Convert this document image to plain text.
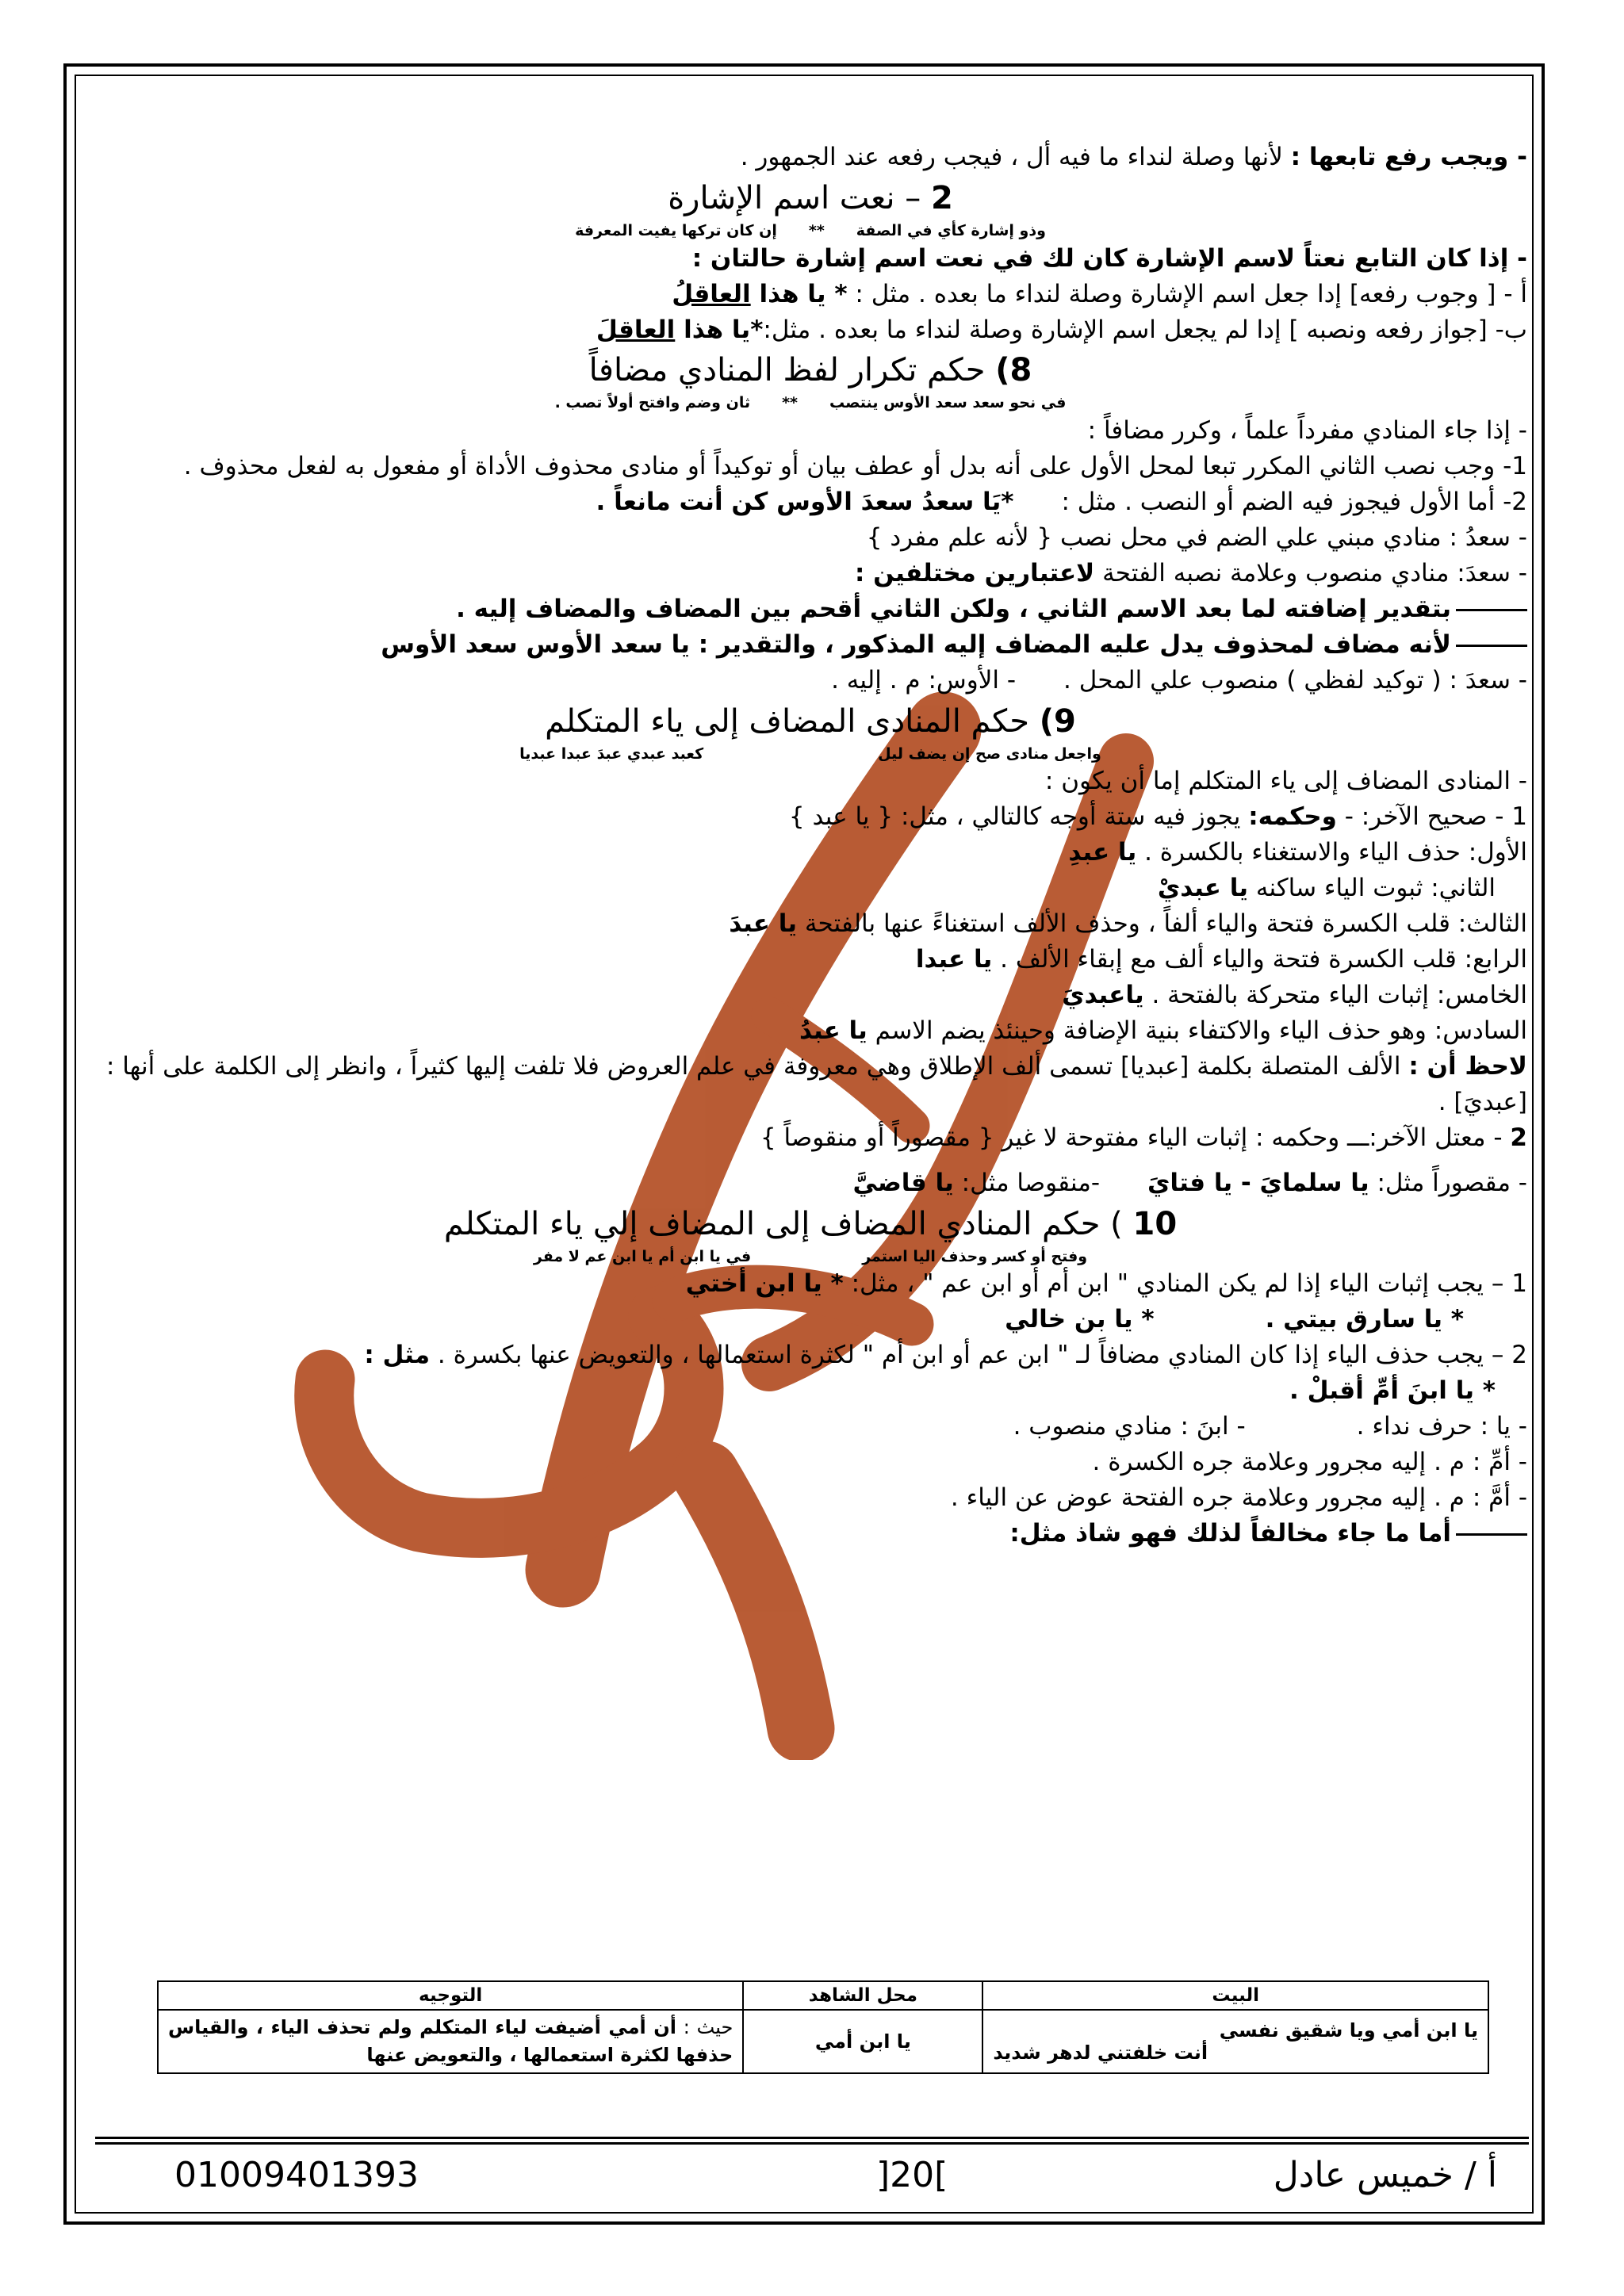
- ويجب رفع تابعها : لأنها وصلة لنداء ما فيه أل ، فيجب رفعه عند الجمهور .
2 – نعت اسم الإشارة
وذو إشارة كأي في الصفة**إن كان تركها يفيت المعرفة
- إذا كان التابع نعتاً لاسم الإشارة كان لك في نعت اسم إشارة حالتان :
أ - [ وجوب رفعه] إدا جعل اسم الإشارة وصلة لنداء ما بعده . مثل : * يا هذا العاقلُ
ب- [جواز رفعه ونصبه ] إدا لم يجعل اسم الإشارة وصلة لنداء ما بعده . مثل:*يا هذا العاقلَ
8) حكم تكرار لفظ المنادي مضافاً
في نحو سعد سعد الأوس ينتصب**ثان وضم وافتح أولاً تصب .
- إذا جاء المنادي مفرداً علماً ، وكرر مضافاً :
1- وجب نصب الثاني المكرر تبعا لمحل الأول على أنه بدل أو عطف بيان أو توكيداً أو منادى محذوف الأداة أو مفعول به لفعل محذوف .
2- أما الأول فيجوز فيه الضم أو النصب . مثل :*يَا سعدُ سعدَ الأوس كن أنت مانعاً .
- سعدُ : منادي مبني علي الضم في محل نصب { لأنه علم مفرد }
- سعدَ: منادي منصوب وعلامة نصبه الفتحة لاعتبارين مختلفين :
بتقدير إضافته لما بعد الاسم الثاني ، ولكن الثاني أقحم بين المضاف والمضاف إليه .
لأنه مضاف لمحذوف يدل عليه المضاف إليه المذكور ، والتقدير : يا سعد الأوس سعد الأوس
- سعدَ : ( توكيد لفظي ) منصوب علي المحل .- الأوس: م . إليه .
9) حكم المنادى المضاف إلى ياء المتكلم
واجعل منادى صح إن يضف ليلكعبد عبدي عبدَ عبدا عبديا
- المنادى المضاف إلى ياء المتكلم إما أن يكون :
1 - صحيح الآخر: - وحكمه: يجوز فيه ستة أوجه كالتالي ، مثل: { يا عبد }
الأول: حذف الياء والاستغناء بالكسرة . يا عبدِ
الثاني: ثبوت الياء ساكنه يا عبديْ
الثالث: قلب الكسرة فتحة والياء ألفاً ، وحذف الألف استغناءً عنها بالفتحة يا عبدَ
الرابع: قلب الكسرة فتحة والياء ألف مع إبقاء الألف . يا عبدا
الخامس: إثبات الياء متحركة بالفتحة . ياعبديَ
السادس: وهو حذف الياء والاكتفاء بنية الإضافة وحينئذ يضم الاسم يا عبدُ
لاحظ أن : الألف المتصلة بكلمة [عبديا] تسمى ألف الإطلاق وهي معروفة في علم العروض فلا تلفت إليها كثيراً ، وانظر إلى الكلمة على أنها : [عبديَ] .
2 - معتل الآخر:ـــ وحكمه : إثبات الياء مفتوحة لا غير { مقصوراً أو منقوصاً }
- مقصوراً مثل: يا سلمايَ - يا فتايَ-منقوصا مثل: يا قاضيَّ
10 ) حكم المنادي المضاف إلى المضاف إلي ياء المتكلم
وفتح أو كسر وحذف اليا استمرفي يا ابن أم يا ابن عم لا مفر
1 – يجب إثبات الياء إذا لم يكن المنادي " ابن أم أو ابن عم " ، مثل: * يا ابن أختي
* يا سارق بيتي .* يا بن خالي
2 – يجب حذف الياء إذا كان المنادي مضافاً لـ " ابن عم أو ابن أم " لكثرة استعمالها ، والتعويض عنها بكسرة . مثل :
* يا ابنَ أمِّ أقبلْ .
- يا : حرف نداء .- ابنَ : منادي منصوب .
- أمِّ : م . إليه مجرور وعلامة جره الكسرة .
- أمَّ : م . إليه مجرور وعلامة جره الفتحة عوض عن الياء .
أما ما جاء مخالفاً لذلك فهو شاذ مثل:
البيت	محل الشاهد	التوجيه

يا ابن أمي ويا شقيق نفسي
أنت خلفتني لدهر شديد	يا ابن أمي	حيث : أن أمي أضيفت لياء المتكلم ولم تحذف الياء ، والقياس حذفها لكثرة استعمالها ، والتعويض عنها
أ / خميس عادل
]20[
01009401393
